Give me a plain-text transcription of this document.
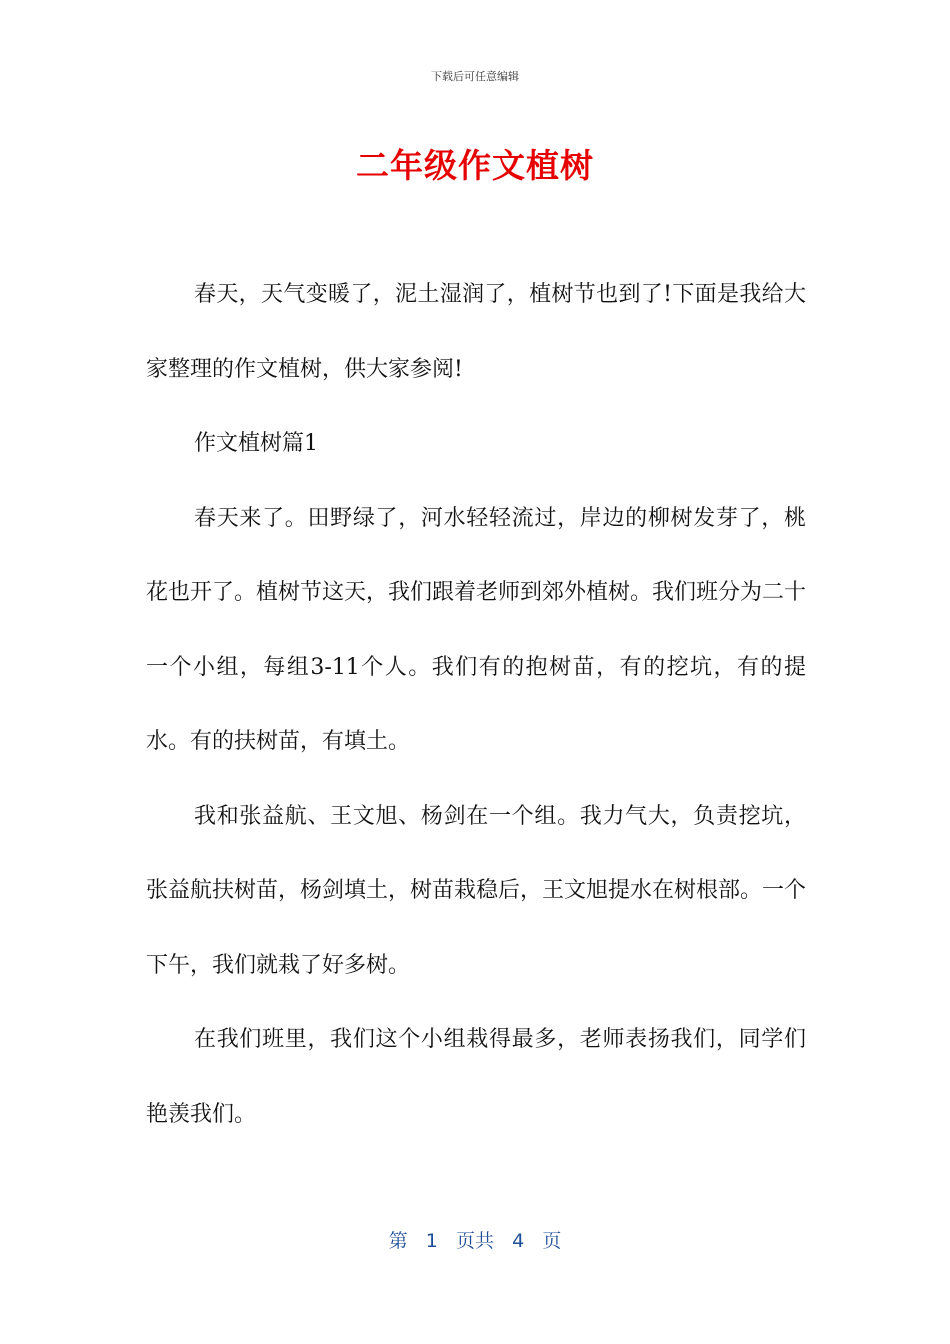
下载后可任意编辑
二年级作文植树

春天，天气变暖了，泥土湿润了，植树节也到了!下面是我给大家整理的作文植树，供大家参阅!

作文植树篇1

春天来了。田野绿了，河水轻轻流过，岸边的柳树发芽了，桃花也开了。植树节这天，我们跟着老师到郊外植树。我们班分为二十一个小组，每组3-11个人。我们有的抱树苗，有的挖坑，有的提水。有的扶树苗，有填土。

我和张益航、王文旭、杨剑在一个组。我力气大，负责挖坑，张益航扶树苗，杨剑填土，树苗栽稳后，王文旭提水在树根部。一个下午，我们就栽了好多树。

在我们班里，我们这个小组栽得最多，老师表扬我们，同学们艳羡我们。

第 1 页共 4 页
